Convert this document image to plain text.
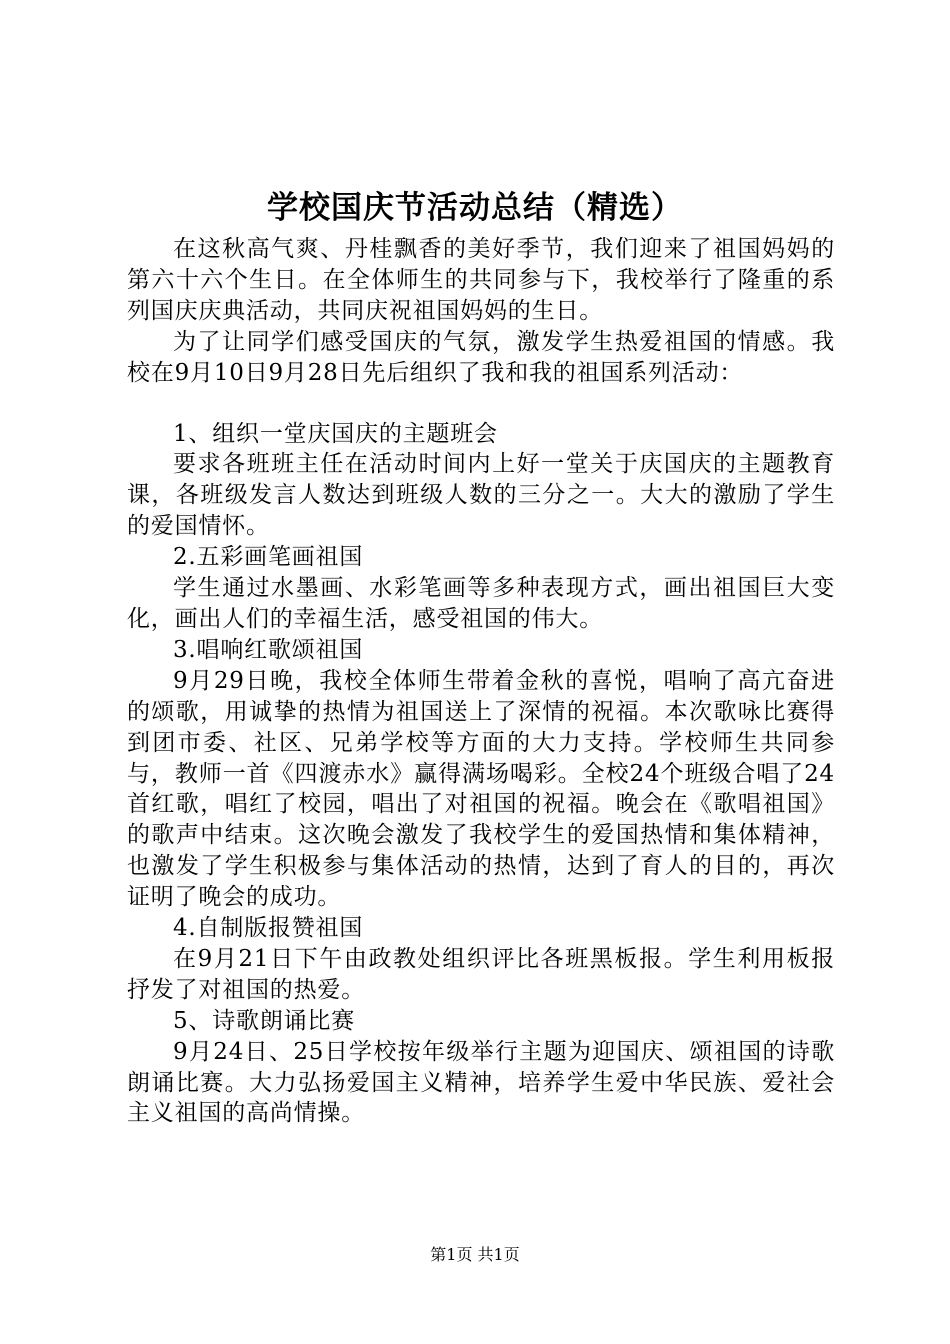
学校国庆节活动总结（精选）

在这秋高气爽、丹桂飘香的美好季节，我们迎来了祖国妈妈的第六十六个生日。在全体师生的共同参与下，我校举行了隆重的系列国庆庆典活动，共同庆祝祖国妈妈的生日。

为了让同学们感受国庆的气氛，激发学生热爱祖国的情感。我校在9月10日9月28日先后组织了我和我的祖国系列活动：

1、组织一堂庆国庆的主题班会

要求各班班主任在活动时间内上好一堂关于庆国庆的主题教育课，各班级发言人数达到班级人数的三分之一。大大的激励了学生的爱国情怀。

2.五彩画笔画祖国

学生通过水墨画、水彩笔画等多种表现方式，画出祖国巨大变化，画出人们的幸福生活，感受祖国的伟大。

3.唱响红歌颂祖国

9月29日晚，我校全体师生带着金秋的喜悦，唱响了高亢奋进的颂歌，用诚挚的热情为祖国送上了深情的祝福。本次歌咏比赛得到团市委、社区、兄弟学校等方面的大力支持。学校师生共同参与，教师一首《四渡赤水》赢得满场喝彩。全校24个班级合唱了24首红歌，唱红了校园，唱出了对祖国的祝福。晚会在《歌唱祖国》的歌声中结束。这次晚会激发了我校学生的爱国热情和集体精神，也激发了学生积极参与集体活动的热情，达到了育人的目的，再次证明了晚会的成功。

4.自制版报赞祖国

在9月21日下午由政教处组织评比各班黑板报。学生利用板报抒发了对祖国的热爱。

5、诗歌朗诵比赛

9月24日、25日学校按年级举行主题为迎国庆、颂祖国的诗歌朗诵比赛。大力弘扬爱国主义精神，培养学生爱中华民族、爱社会主义祖国的高尚情操。

第1页 共1页
